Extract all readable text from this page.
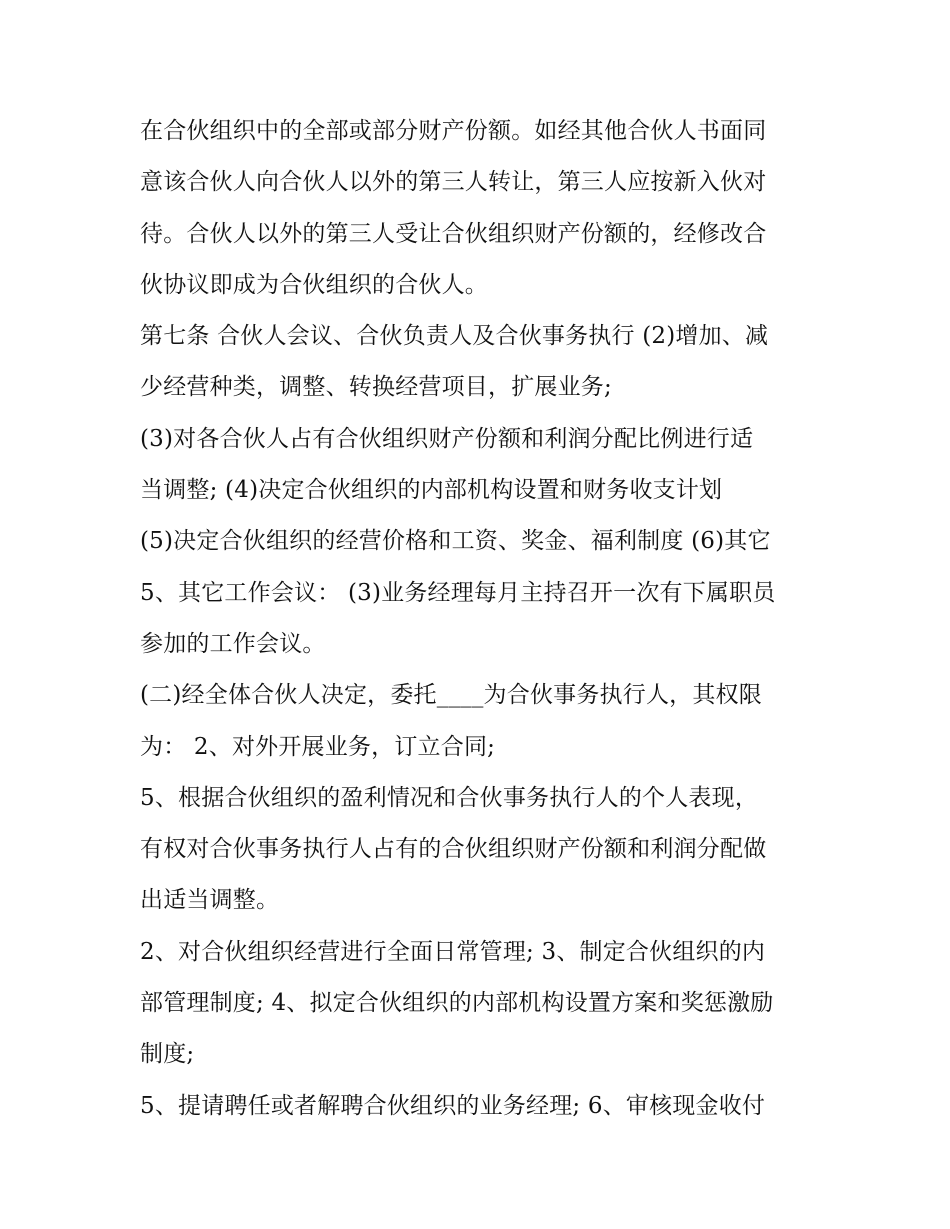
在合伙组织中的全部或部分财产份额。如经其他合伙人书面同
意该合伙人向合伙人以外的第三人转让，第三人应按新入伙对
待。合伙人以外的第三人受让合伙组织财产份额的，经修改合
伙协议即成为合伙组织的合伙人。
第七条 合伙人会议、合伙负责人及合伙事务执行 (2)增加、减
少经营种类，调整、转换经营项目，扩展业务;
(3)对各合伙人占有合伙组织财产份额和利润分配比例进行适
当调整; (4)决定合伙组织的内部机构设置和财务收支计划
(5)决定合伙组织的经营价格和工资、奖金、福利制度 (6)其它
5、其它工作会议： (3)业务经理每月主持召开一次有下属职员
参加的工作会议。
(二)经全体合伙人决定，委托____为合伙事务执行人，其权限
为： 2、对外开展业务，订立合同;
5、根据合伙组织的盈利情况和合伙事务执行人的个人表现，
有权对合伙事务执行人占有的合伙组织财产份额和利润分配做
出适当调整。
2、对合伙组织经营进行全面日常管理; 3、制定合伙组织的内
部管理制度; 4、拟定合伙组织的内部机构设置方案和奖惩激励
制度;
5、提请聘任或者解聘合伙组织的业务经理; 6、审核现金收付
